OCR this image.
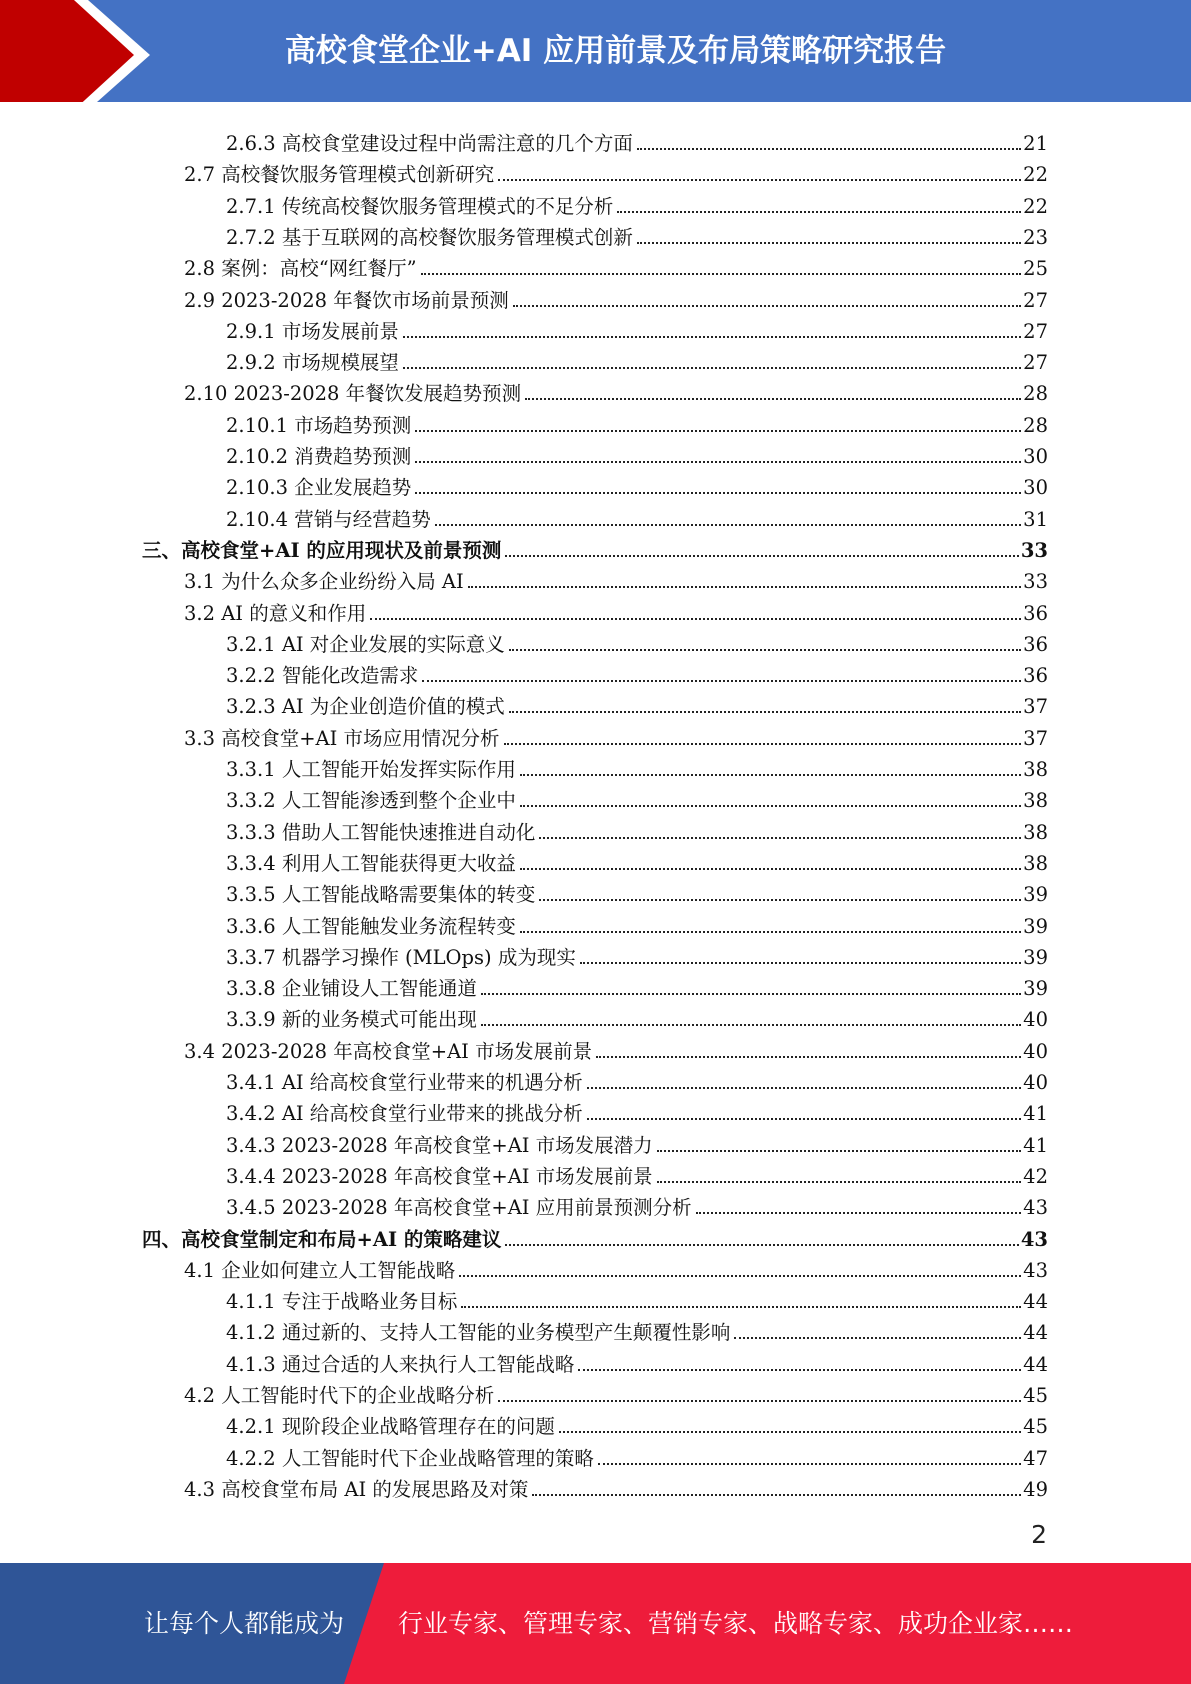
高校食堂企业+AI 应用前景及布局策略研究报告
2.6.3 高校食堂建设过程中尚需注意的几个方面	21
2.7 高校餐饮服务管理模式创新研究	22
2.7.1 传统高校餐饮服务管理模式的不足分析	22
2.7.2 基于互联网的高校餐饮服务管理模式创新	23
2.8 案例：高校“网红餐厅”	25
2.9 2023-2028 年餐饮市场前景预测	27
2.9.1 市场发展前景	27
2.9.2 市场规模展望	27
2.10 2023-2028 年餐饮发展趋势预测	28
2.10.1 市场趋势预测	28
2.10.2 消费趋势预测	30
2.10.3 企业发展趋势	30
2.10.4 营销与经营趋势	31
三、高校食堂+AI 的应用现状及前景预测	33
3.1 为什么众多企业纷纷入局 AI	33
3.2 AI 的意义和作用	36
3.2.1 AI 对企业发展的实际意义	36
3.2.2 智能化改造需求	36
3.2.3 AI 为企业创造价值的模式	37
3.3 高校食堂+AI 市场应用情况分析	37
3.3.1 人工智能开始发挥实际作用	38
3.3.2 人工智能渗透到整个企业中	38
3.3.3 借助人工智能快速推进自动化	38
3.3.4 利用人工智能获得更大收益	38
3.3.5 人工智能战略需要集体的转变	39
3.3.6 人工智能触发业务流程转变	39
3.3.7 机器学习操作 (MLOps) 成为现实	39
3.3.8 企业铺设人工智能通道	39
3.3.9 新的业务模式可能出现	40
3.4 2023-2028 年高校食堂+AI 市场发展前景	40
3.4.1 AI 给高校食堂行业带来的机遇分析	40
3.4.2 AI 给高校食堂行业带来的挑战分析	41
3.4.3 2023-2028 年高校食堂+AI 市场发展潜力	41
3.4.4 2023-2028 年高校食堂+AI 市场发展前景	42
3.4.5 2023-2028 年高校食堂+AI 应用前景预测分析	43
四、高校食堂制定和布局+AI 的策略建议	43
4.1 企业如何建立人工智能战略	43
4.1.1 专注于战略业务目标	44
4.1.2 通过新的、支持人工智能的业务模型产生颠覆性影响	44
4.1.3 通过合适的人来执行人工智能战略	44
4.2 人工智能时代下的企业战略分析	45
4.2.1 现阶段企业战略管理存在的问题	45
4.2.2 人工智能时代下企业战略管理的策略	47
4.3 高校食堂布局 AI 的发展思路及对策	49
2
让每个人都能成为 行业专家、管理专家、营销专家、战略专家、成功企业家……
